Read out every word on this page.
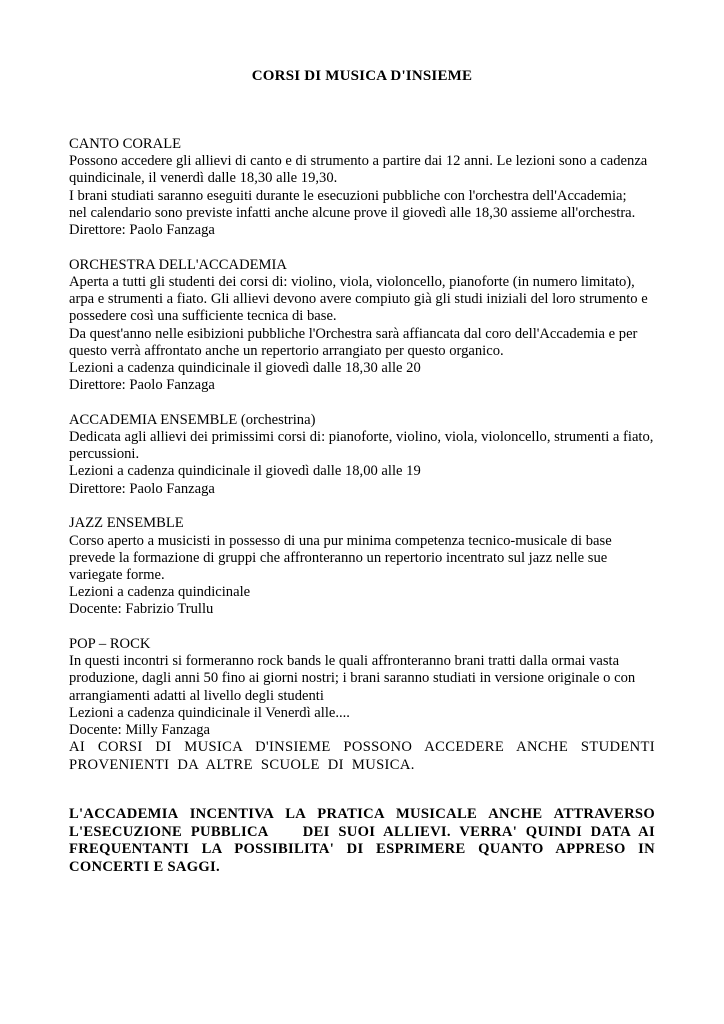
CORSI DI MUSICA D'INSIEME
CANTO CORALE
Possono accedere gli allievi di canto e di strumento a partire dai 12 anni. Le lezioni sono a cadenza
quindicinale, il venerdì dalle 18,30 alle 19,30.
I brani studiati saranno eseguiti durante le esecuzioni pubbliche con l'orchestra dell'Accademia;
nel calendario sono previste infatti anche alcune prove il giovedì alle 18,30 assieme all'orchestra.
Direttore: Paolo Fanzaga
ORCHESTRA DELL'ACCADEMIA
Aperta a tutti gli studenti dei corsi di: violino, viola, violoncello, pianoforte (in numero limitato),
arpa e strumenti a fiato. Gli allievi devono avere compiuto già gli studi iniziali del loro strumento e
possedere così una sufficiente tecnica di base.
Da quest'anno nelle esibizioni pubbliche l'Orchestra sarà affiancata dal coro dell'Accademia e per
questo verrà affrontato anche un repertorio arrangiato per questo organico.
Lezioni a cadenza quindicinale il giovedì dalle 18,30 alle 20
Direttore: Paolo Fanzaga
ACCADEMIA ENSEMBLE (orchestrina)
Dedicata agli allievi dei primissimi corsi di: pianoforte, violino, viola, violoncello, strumenti a fiato,
percussioni.
Lezioni a cadenza quindicinale il giovedì dalle 18,00 alle 19
Direttore: Paolo Fanzaga
JAZZ ENSEMBLE
Corso aperto a musicisti in possesso di una pur minima competenza tecnico-musicale di base
prevede la formazione di gruppi che affronteranno un repertorio incentrato sul jazz nelle sue
variegate forme.
Lezioni a cadenza quindicinale
Docente: Fabrizio Trullu
POP – ROCK
In questi incontri si formeranno rock bands le quali affronteranno brani tratti dalla ormai vasta
produzione, dagli anni 50 fino ai giorni nostri; i brani saranno studiati in versione originale o con
arrangiamenti adatti al livello degli studenti
Lezioni a cadenza quindicinale il Venerdì alle....
Docente: Milly Fanzaga
AI CORSI DI MUSICA D'INSIEME POSSONO ACCEDERE ANCHE STUDENTI
PROVENIENTI DA ALTRE SCUOLE DI MUSICA.
L'ACCADEMIA INCENTIVA LA PRATICA MUSICALE ANCHE ATTRAVERSO
L'ESECUZIONE PUBBLICA    DEI SUOI ALLIEVI. VERRA' QUINDI DATA AI
FREQUENTANTI LA POSSIBILITA' DI ESPRIMERE QUANTO APPRESO IN
CONCERTI E SAGGI.
